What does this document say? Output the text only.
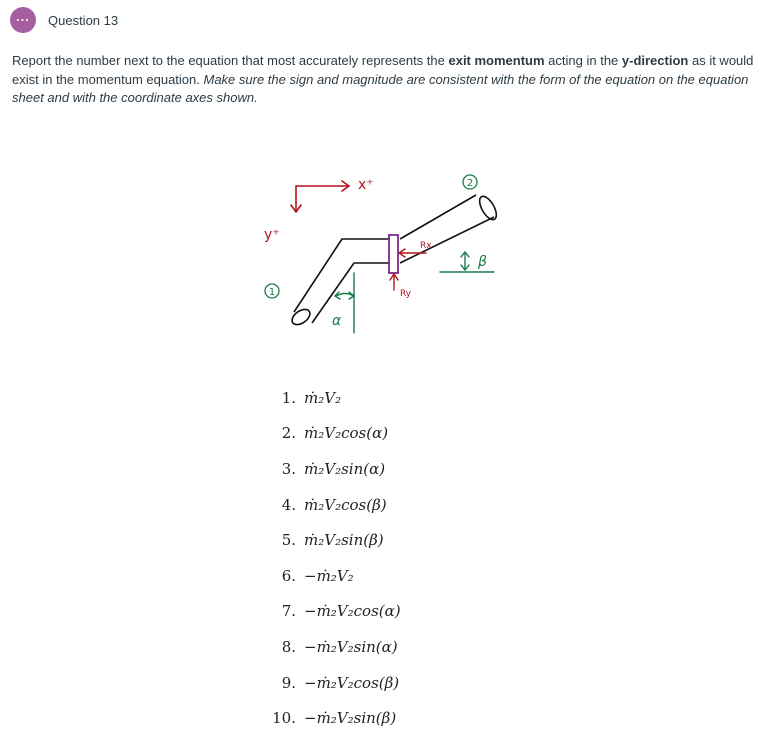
···	Question 13
Report the number next to the equation that most accurately represents the exit momentum acting in the y-direction as it would exist in the momentum equation. Make sure the sign and magnitude are consistent with the form of the equation on the equation sheet and with the coordinate axes shown.
x⁺
y⁺
Rx
Ry
α
β
1
2
1. ṁ₂V₂
2. ṁ₂V₂cos(α)
3. ṁ₂V₂sin(α)
4. ṁ₂V₂cos(β)
5. ṁ₂V₂sin(β)
6. −ṁ₂V₂
7. −ṁ₂V₂cos(α)
8. −ṁ₂V₂sin(α)
9. −ṁ₂V₂cos(β)
10. −ṁ₂V₂sin(β)
